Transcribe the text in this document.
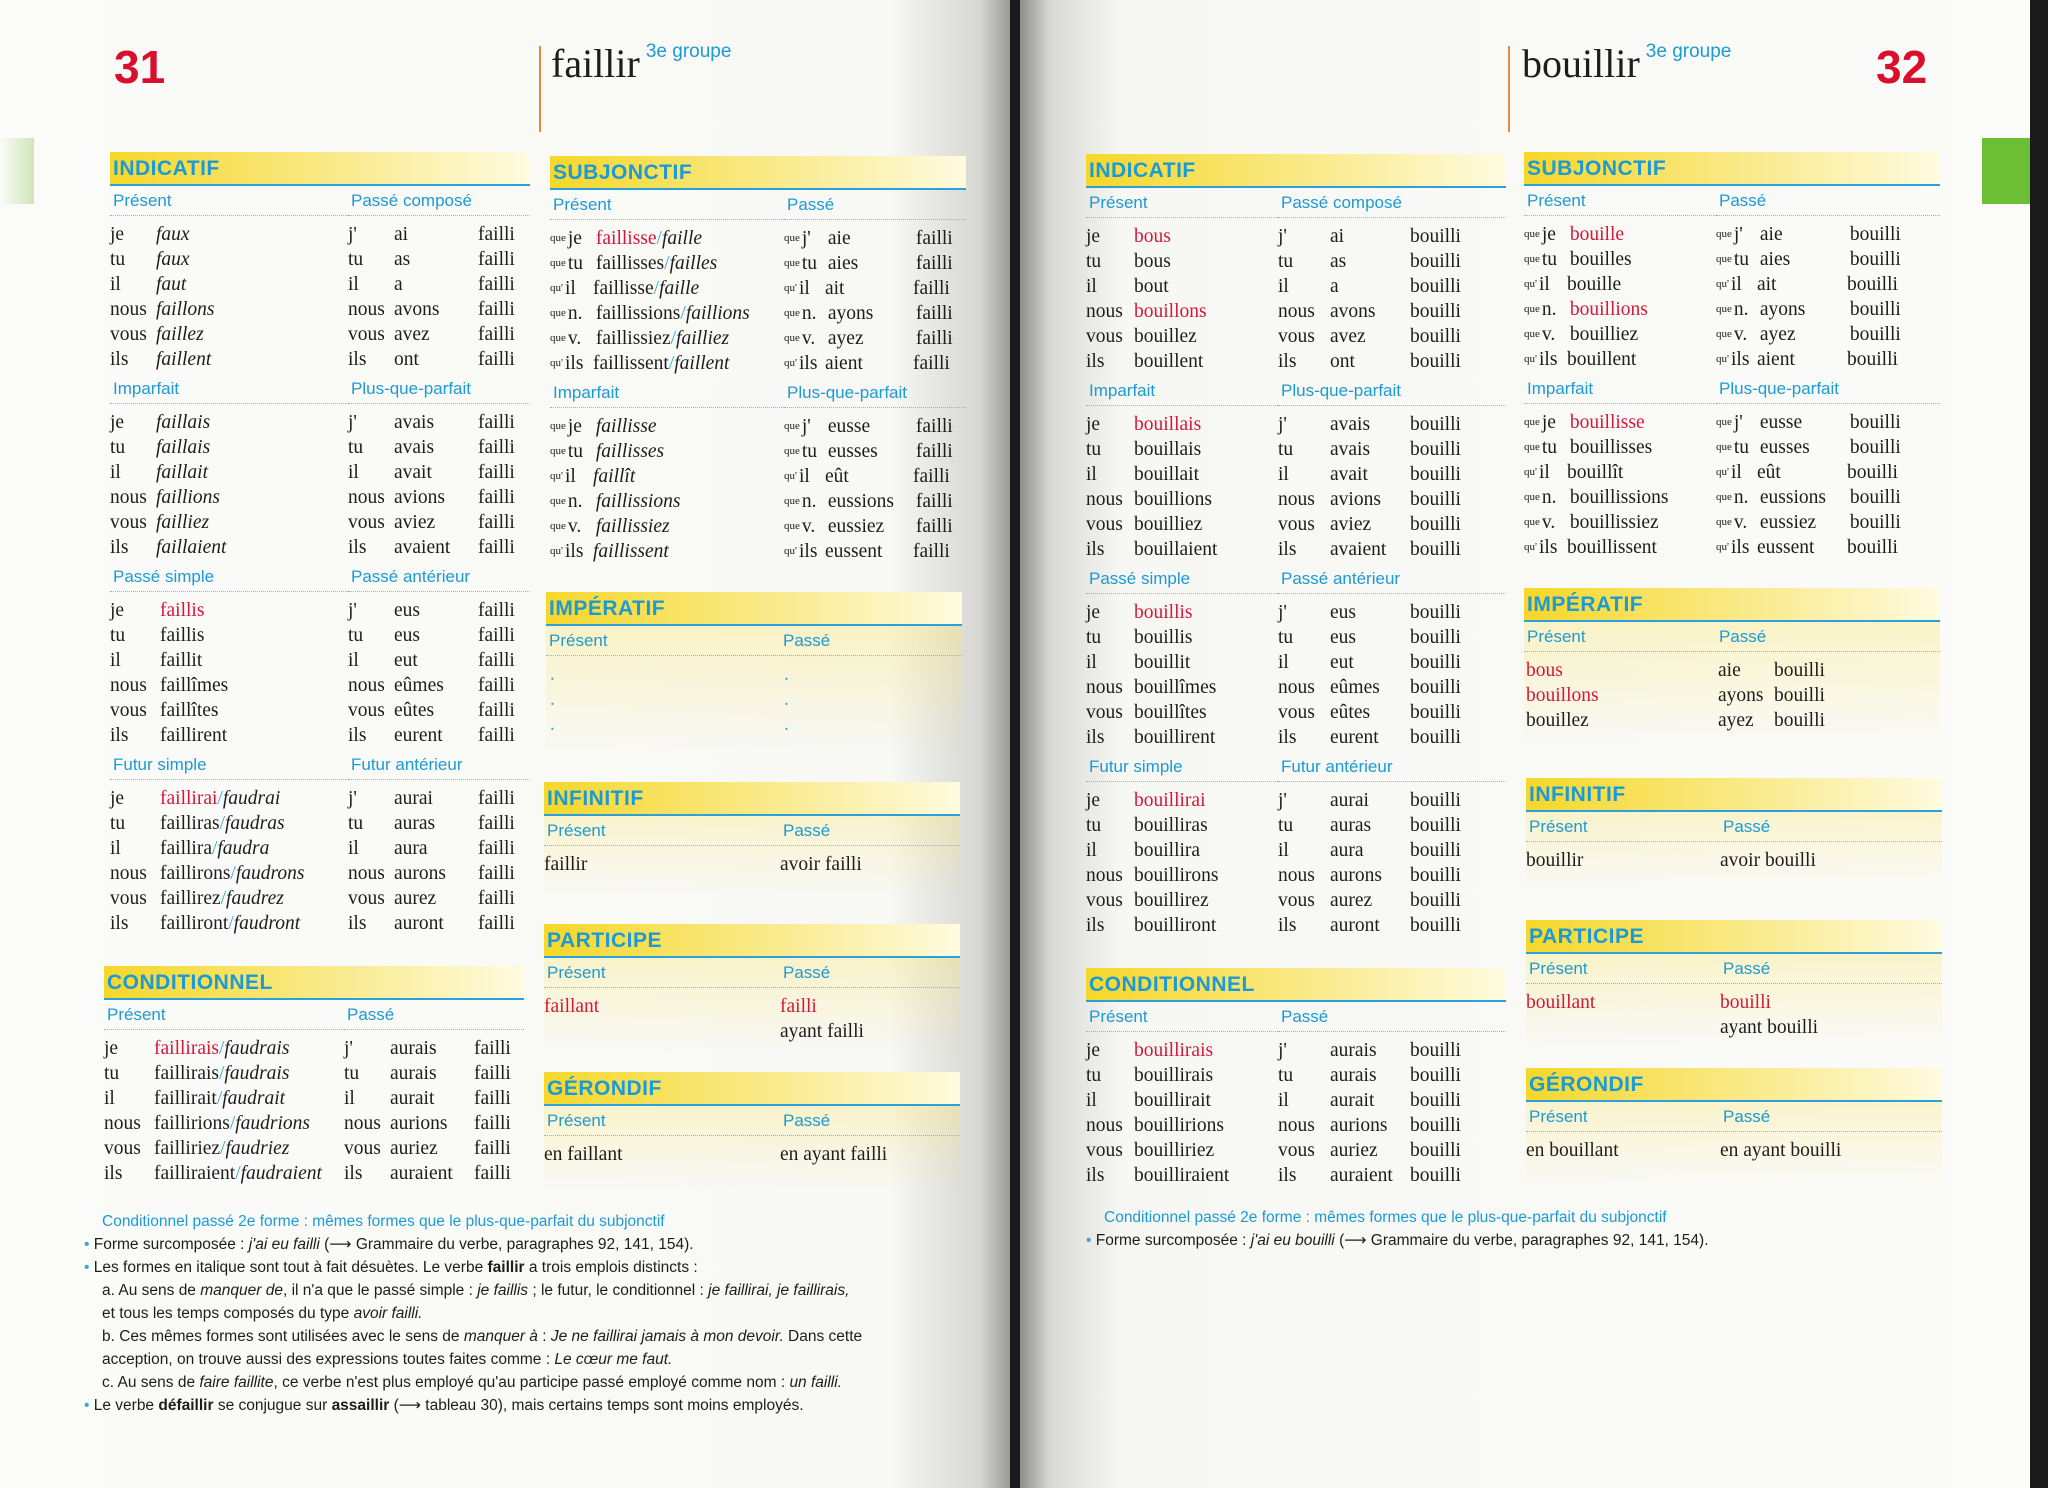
31	faillir $^{3e groupe}$
INDICATIF
Présent
je	faux
tu	faux
il	faut
nous faillons
vous faillez
ils	faillent
Passé composé
j'	ai	failli
tu	as	failli
il	a	failli
nous avons	failli
vous avez	failli
ils	ont	failli
Imparfait
je	faillais
tu	faillais
il	faillait
nous faillions
vous failliez
ils	faillaient
Plus-que-parfait
j'	avais	failli
tu	avais	failli
il	avait	failli
nous avions	failli
vous aviez	failli
ils	avaient	failli
Passé simple
je	faillis
tu	faillis
il	faillit
nous faillîmes
vous faillîtes
ils	faillirent
Passé antérieur
j'	eus	failli
tu	eus	failli
il	eut	failli
nous eûmes	failli
vous eûtes	failli
ils	eurent	failli
Futur simple
je	faillirai / faudrai
tu	failliras / faudras
il	faillira / faudra
nous faillirons / faudrons
vous faillirez / faudrez
ils	failliront / faudront
Futur antérieur
j'	aurai	failli
tu	auras	failli
il	aura	failli
nous aurons	failli
vous aurez	failli
ils	auront	failli
CONDITIONNEL
Présent
je	faillirais / faudrais
tu	faillirais / faudrais
il	faillirait / faudrait
nous faillirions / faudrions
vous failliriez / faudriez
ils	failliraient / faudraient
Passé
j'	aurais	failli
tu	aurais	failli
il	aurait	failli
nous aurions	failli
vous auriez	failli
ils	auraient	failli
SUBJONCTIF
Présent
que je faillisse / faille
que tu faillisses / failles
qu' il faillisse / faille
que n. faillissions / faillions
que v. faillissiez / failliez
qu' ils faillissent / faillent
Passé
que j' aie	failli
que tu aies	failli
qu' il ait	failli
que n. ayons	failli
que v. ayez	failli
qu' ils aient	failli
Imparfait
que je faillisse
que tu faillisses
qu' il faillît
que n. faillissions
que v. faillissiez
qu' ils faillissent
Plus-que-parfait
que j' eusse	failli
que tu eusses	failli
qu' il eût	failli
que n. eussions	failli
que v. eussiez	failli
qu' ils eussent	failli
IMPÉRATIF
Présent	Passé
.	.
.	.
.	.
INFINITIF
Présent	Passé
faillir	avoir failli
PARTICIPE
Présent	Passé
faillant	failli
ayant failli
GÉRONDIF
Présent	Passé
en faillant	en ayant failli
Conditionnel passé 2e forme : mêmes formes que le plus-que-parfait du subjonctif
• Forme surcomposée : j'ai eu failli (⟶ Grammaire du verbe, paragraphes 92, 141, 154).
• Les formes en italique sont tout à fait désuètes. Le verbe faillir a trois emplois distincts :
a. Au sens de manquer de, il n'a que le passé simple : je faillis ; le futur, le conditionnel : je faillirai, je faillirais,
et tous les temps composés du type avoir failli.
b. Ces mêmes formes sont utilisées avec le sens de manquer à : Je ne faillirai jamais à mon devoir. Dans cette
acception, on trouve aussi des expressions toutes faites comme : Le cœur me faut.
c. Au sens de faire faillite, ce verbe n'est plus employé qu'au participe passé employé comme nom : un failli.
• Le verbe défaillir se conjugue sur assaillir (⟶ tableau 30), mais certains temps sont moins employés.
32
bouillir $^{3e groupe}$
INDICATIF
Présent
je	bous
tu	bous
il	bout
nous bouillons
vous bouillez
ils	bouillent
Passé composé
j'	ai	bouilli
tu	as	bouilli
il	a	bouilli
nous avons	bouilli
vous avez	bouilli
ils	ont	bouilli
Imparfait
je	bouillais
tu	bouillais
il	bouillait
nous bouillions
vous bouilliez
ils	bouillaient
Plus-que-parfait
j'	avais	bouilli
tu	avais	bouilli
il	avait	bouilli
nous avions	bouilli
vous aviez	bouilli
ils	avaient	bouilli
Passé simple
je	bouillis
tu	bouillis
il	bouillit
nous bouillîmes
vous bouillîtes
ils	bouillirent
Passé antérieur
j'	eus	bouilli
tu	eus	bouilli
il	eut	bouilli
nous eûmes	bouilli
vous eûtes	bouilli
ils	eurent	bouilli
Futur simple
je	bouillirai
tu	bouilliras
il	bouillira
nous bouillirons
vous bouillirez
ils	bouilliront
Futur antérieur
j'	aurai	bouilli
tu	auras	bouilli
il	aura	bouilli
nous aurons	bouilli
vous aurez	bouilli
ils	auront	bouilli
CONDITIONNEL
Présent
je	bouillirais
tu	bouillirais
il	bouillirait
nous bouillirions
vous bouilliriez
ils	bouilliraient
Passé
j'	aurais	bouilli
tu	aurais	bouilli
il	aurait	bouilli
nous aurions	bouilli
vous auriez	bouilli
ils	auraient bouilli
SUBJONCTIF
Présent
que je bouille
que tu bouilles
qu' il bouille
que n. bouillions
que v. bouilliez
qu' ils bouillent
Passé
que j' aie	bouilli
que tu aies	bouilli
qu' il ait	bouilli
que n. ayons	bouilli
que v. ayez	bouilli
qu' ils aient	bouilli
Imparfait
que je bouillisse
que tu bouillisses
qu' il bouillît
que n. bouillissions
que v. bouillissiez
qu' ils bouillissent
Plus-que-parfait
que j' eusse	bouilli
que tu eusses	bouilli
qu' il eût	bouilli
que n. eussions	bouilli
que v. eussiez	bouilli
qu' ils eussent	bouilli
IMPÉRATIF
Présent	Passé
bous	aie	bouilli
bouillons	ayons bouilli
bouillez	ayez	bouilli
INFINITIF
Présent	Passé
bouillir	avoir bouilli
PARTICIPE
Présent	Passé
bouillant	bouilli
ayant bouilli
GÉRONDIF
Présent	Passé
en bouillant	en ayant bouilli
Conditionnel passé 2e forme : mêmes formes que le plus-que-parfait du subjonctif
• Forme surcomposée : j'ai eu bouilli (⟶ Grammaire du verbe, paragraphes 92, 141, 154).
